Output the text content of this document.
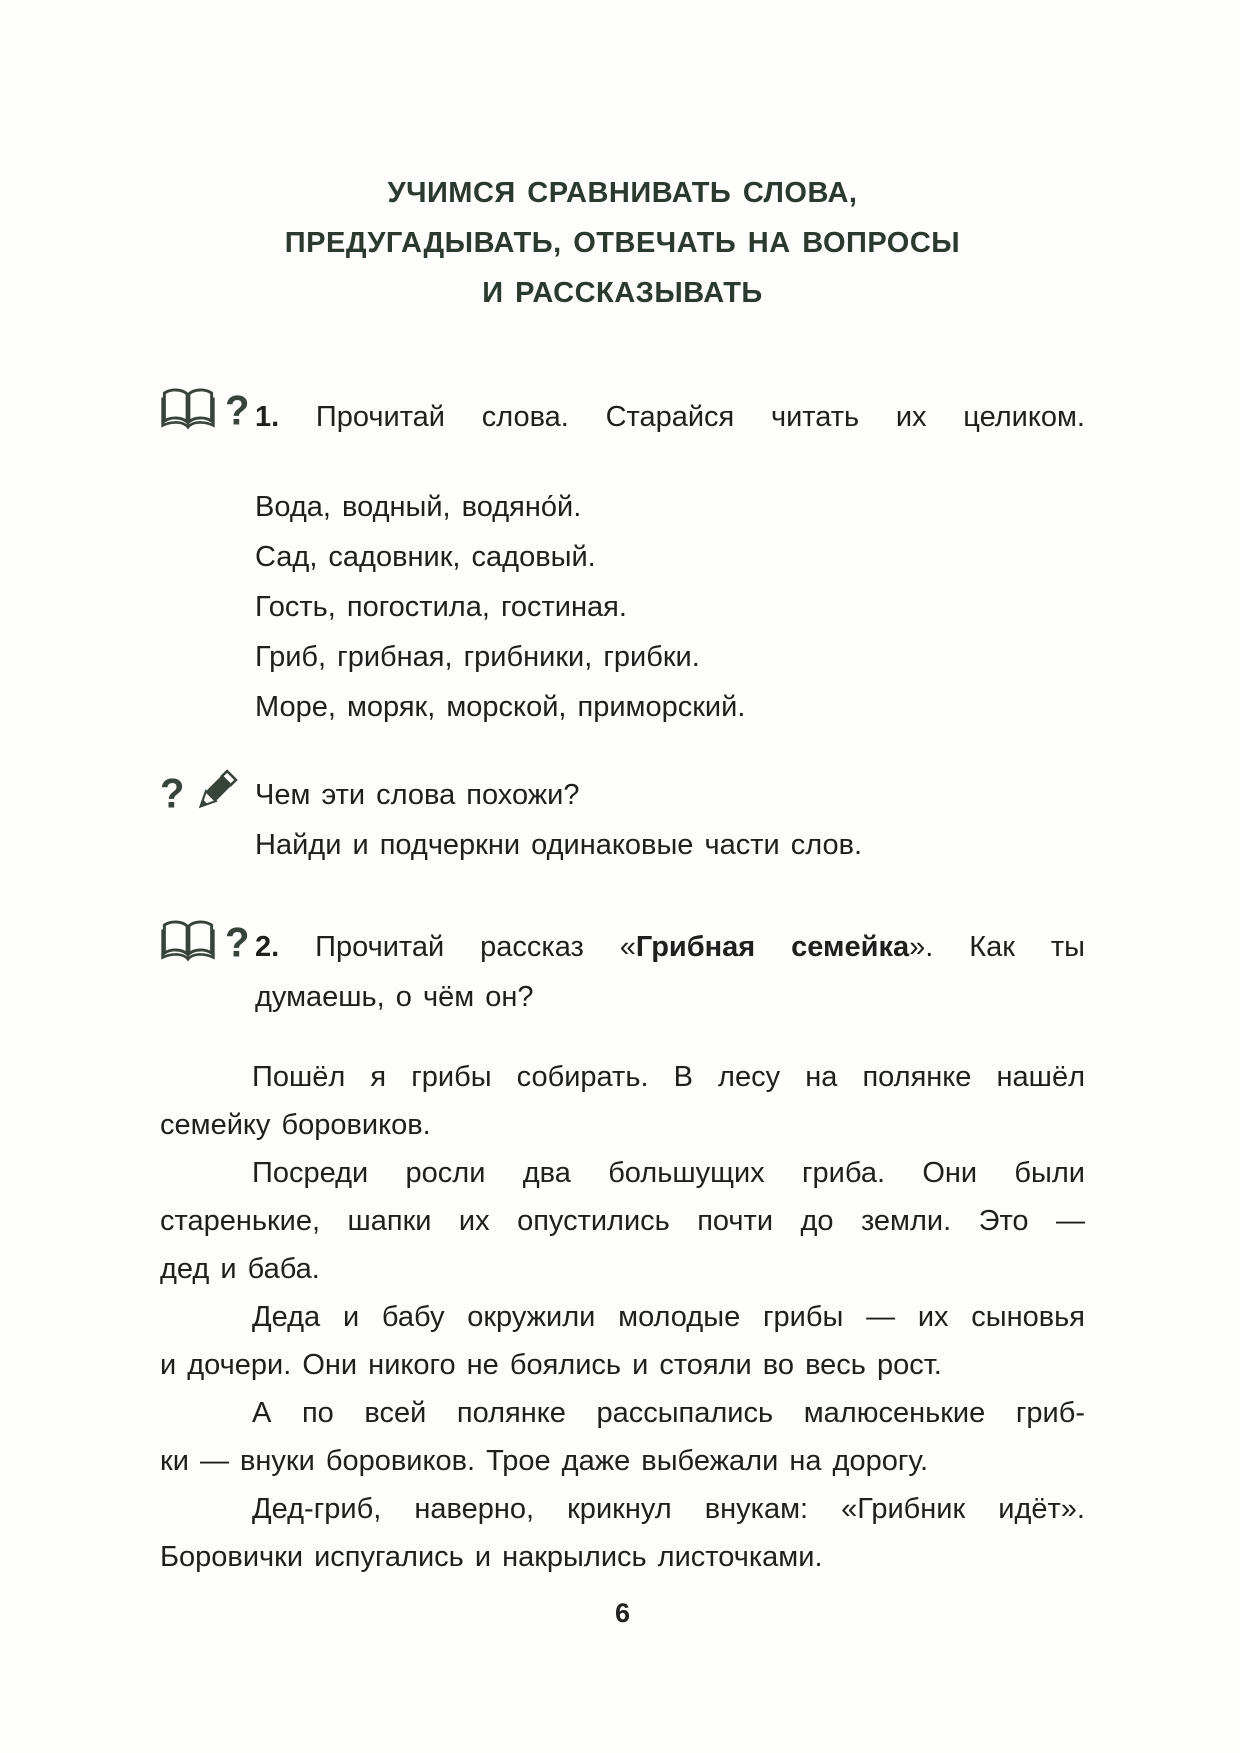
УЧИМСЯ СРАВНИВАТЬ СЛОВА,
ПРЕДУГАДЫВАТЬ, ОТВЕЧАТЬ НА ВОПРОСЫ
И РАССКАЗЫВАТЬ
? 1. Прочитай слова. Старайся читать их целиком.
Вода, водный, водяно́й.
Сад, садовник, садовый.
Гость, погостила, гостиная.
Гриб, грибная, грибники, грибки.
Море, моряк, морской, приморский.
? Чем эти слова похожи?
Найди и подчеркни одинаковые части слов.
? 2. Прочитай рассказ «Грибная семейка». Как ты
думаешь, о чём он?
Пошёл я грибы собирать. В лесу на полянке нашёл
семейку боровиков.
Посреди росли два большущих гриба. Они были
старенькие, шапки их опустились почти до земли. Это —
дед и баба.
Деда и бабу окружили молодые грибы — их сыновья
и дочери. Они никого не боялись и стояли во весь рост.
А по всей полянке рассыпались малюсенькие гриб-
ки — внуки боровиков. Трое даже выбежали на дорогу.
Дед-гриб, наверно, крикнул внукам: «Грибник идёт».
Боровички испугались и накрылись листочками.
6
